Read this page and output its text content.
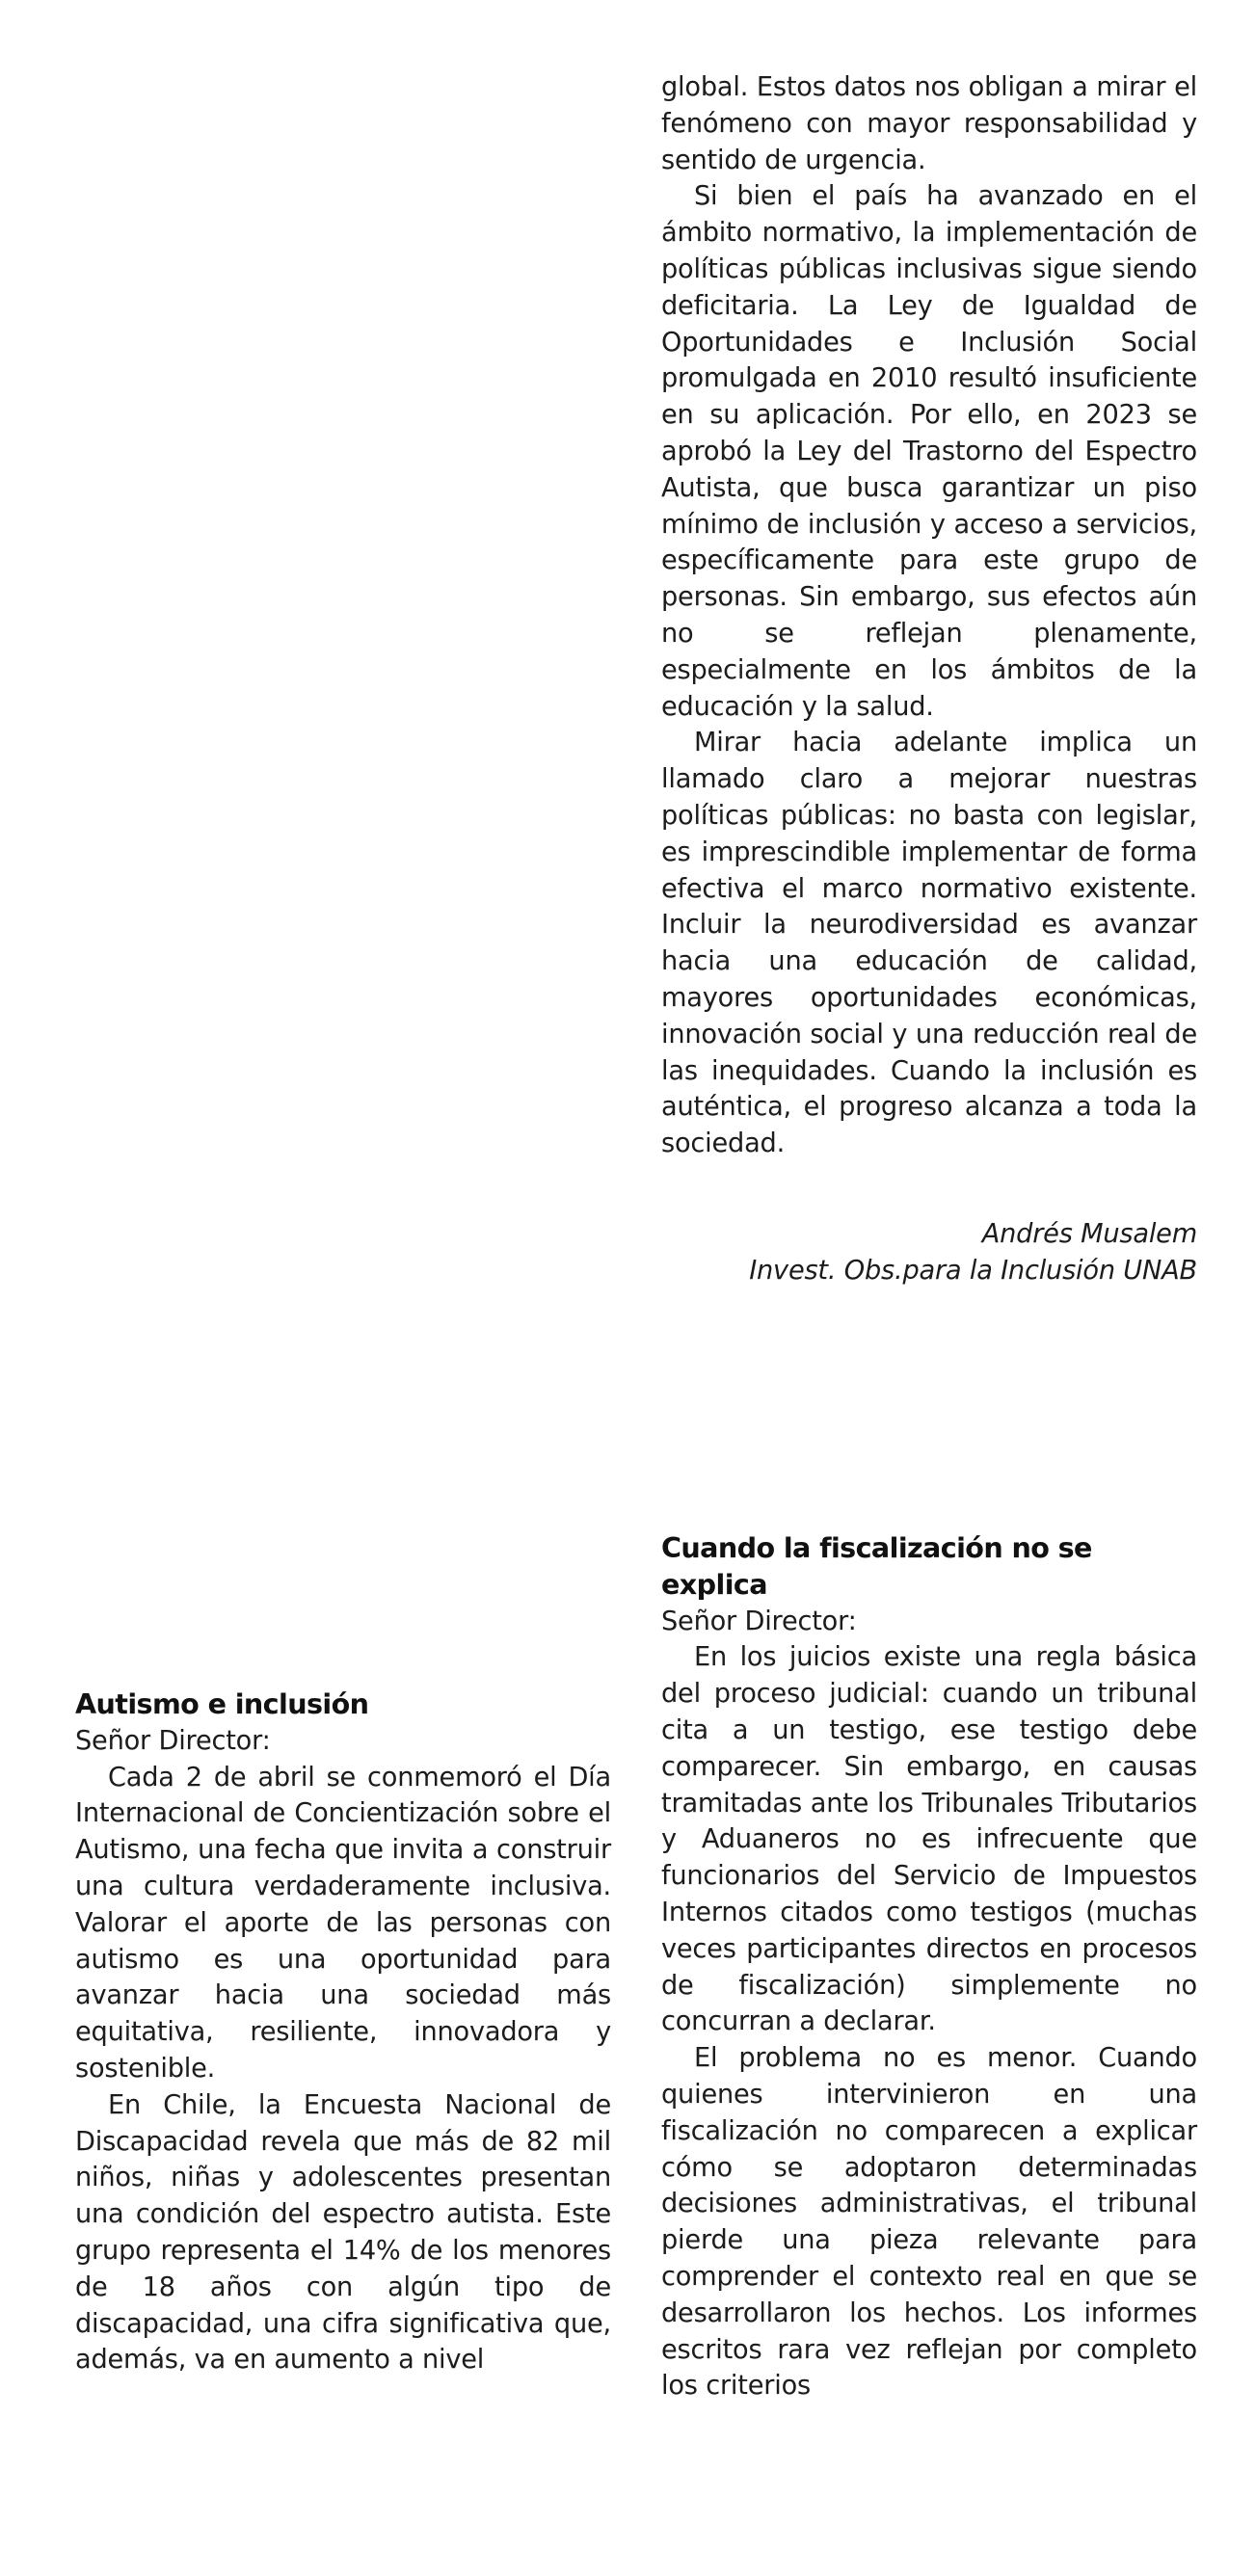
global. Estos datos nos obligan a mirar el fenómeno con mayor responsabilidad y sentido de urgencia.

Si bien el país ha avanzado en el ámbito normativo, la implementación de políticas públicas inclusivas sigue siendo deficitaria. La Ley de Igualdad de Oportunidades e Inclusión Social promulgada en 2010 resultó insuficiente en su aplicación. Por ello, en 2023 se aprobó la Ley del Trastorno del Espectro Autista, que busca garantizar un piso mínimo de inclusión y acceso a servicios, específicamente para este grupo de personas. Sin embargo, sus efectos aún no se reflejan plenamente, especialmente en los ámbitos de la educación y la salud.

Mirar hacia adelante implica un llamado claro a mejorar nuestras políticas públicas: no basta con legislar, es imprescindible implementar de forma efectiva el marco normativo existente. Incluir la neurodiversidad es avanzar hacia una educación de calidad, mayores oportunidades económicas, innovación social y una reducción real de las inequidades. Cuando la inclusión es auténtica, el progreso alcanza a toda la sociedad.

Andrés Musalem
Invest. Obs.para la Inclusión UNAB
Cuando la fiscalización no se explica

Señor Director:

En los juicios existe una regla básica del proceso judicial: cuando un tribunal cita a un testigo, ese testigo debe comparecer. Sin embargo, en causas tramitadas ante los Tribunales Tributarios y Aduaneros no es infrecuente que funcionarios del Servicio de Impuestos Internos citados como testigos (muchas veces participantes directos en procesos de fiscalización) simplemente no concurran a declarar.

El problema no es menor. Cuando quienes intervinieron en una fiscalización no comparecen a explicar cómo se adoptaron determinadas decisiones administrativas, el tribunal pierde una pieza relevante para comprender el contexto real en que se desarrollaron los hechos. Los informes escritos rara vez reflejan por completo los criterios

Autismo e inclusión

Señor Director:

Cada 2 de abril se conmemoró el Día Internacional de Concientización sobre el Autismo, una fecha que invita a construir una cultura verdaderamente inclusiva. Valorar el aporte de las personas con autismo es una oportunidad para avanzar hacia una sociedad más equitativa, resiliente, innovadora y sostenible.

En Chile, la Encuesta Nacional de Discapacidad revela que más de 82 mil niños, niñas y adolescentes presentan una condición del espectro autista. Este grupo representa el 14% de los menores de 18 años con algún tipo de discapacidad, una cifra significativa que, además, va en aumento a nivel
